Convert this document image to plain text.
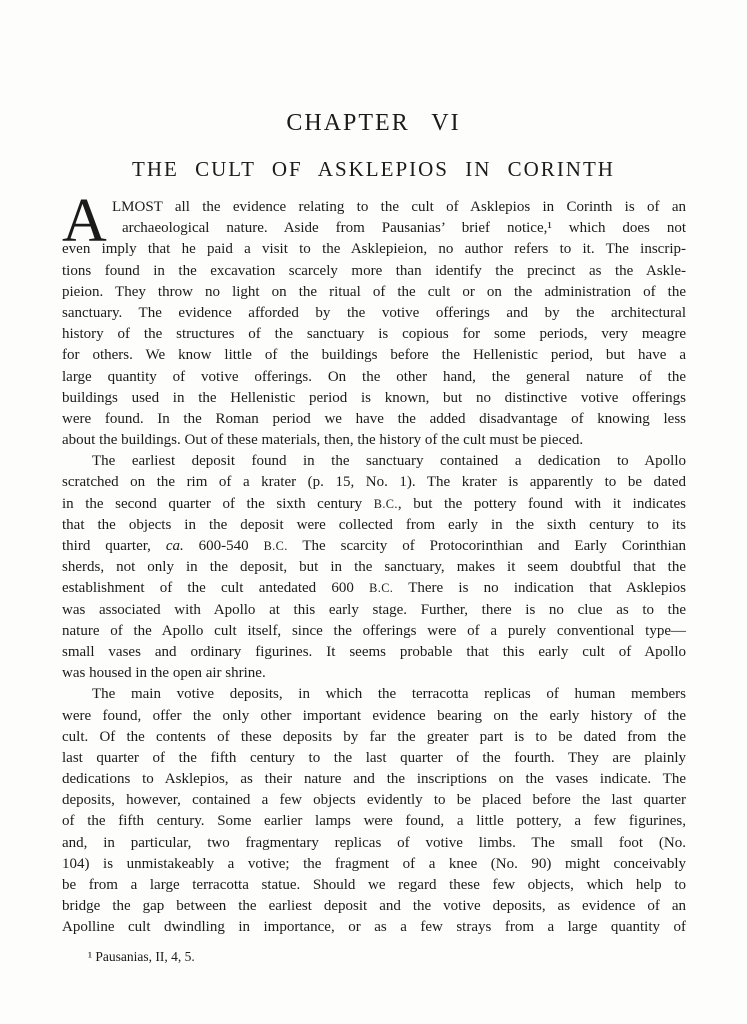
CHAPTER VI
THE CULT OF ASKLEPIOS IN CORINTH
A LMOST all the evidence relating to the cult of Asklepios in Corinth is of an
archaeological nature. Aside from Pausanias’ brief notice,¹ which does not
even imply that he paid a visit to the Asklepieion, no author refers to it. The inscrip-
tions found in the excavation scarcely more than identify the precinct as the Askle-
pieion. They throw no light on the ritual of the cult or on the administration of the
sanctuary. The evidence afforded by the votive offerings and by the architectural
history of the structures of the sanctuary is copious for some periods, very meagre
for others. We know little of the buildings before the Hellenistic period, but have a
large quantity of votive offerings. On the other hand, the general nature of the
buildings used in the Hellenistic period is known, but no distinctive votive offerings
were found. In the Roman period we have the added disadvantage of knowing less
about the buildings. Out of these materials, then, the history of the cult must be pieced.
The earliest deposit found in the sanctuary contained a dedication to Apollo
scratched on the rim of a krater (p. 15, No. 1). The krater is apparently to be dated
in the second quarter of the sixth century B.C., but the pottery found with it indicates
that the objects in the deposit were collected from early in the sixth century to its
third quarter, ca. 600-540 B.C. The scarcity of Protocorinthian and Early Corinthian
sherds, not only in the deposit, but in the sanctuary, makes it seem doubtful that the
establishment of the cult antedated 600 B.C. There is no indication that Asklepios
was associated with Apollo at this early stage. Further, there is no clue as to the
nature of the Apollo cult itself, since the offerings were of a purely conventional type—
small vases and ordinary figurines. It seems probable that this early cult of Apollo
was housed in the open air shrine.
The main votive deposits, in which the terracotta replicas of human members
were found, offer the only other important evidence bearing on the early history of the
cult. Of the contents of these deposits by far the greater part is to be dated from the
last quarter of the fifth century to the last quarter of the fourth. They are plainly
dedications to Asklepios, as their nature and the inscriptions on the vases indicate. The
deposits, however, contained a few objects evidently to be placed before the last quarter
of the fifth century. Some earlier lamps were found, a little pottery, a few figurines,
and, in particular, two fragmentary replicas of votive limbs. The small foot (No.
104) is unmistakeably a votive; the fragment of a knee (No. 90) might conceivably
be from a large terracotta statue. Should we regard these few objects, which help to
bridge the gap between the earliest deposit and the votive deposits, as evidence of an
Apolline cult dwindling in importance, or as a few strays from a large quantity of
¹ Pausanias, II, 4, 5.
